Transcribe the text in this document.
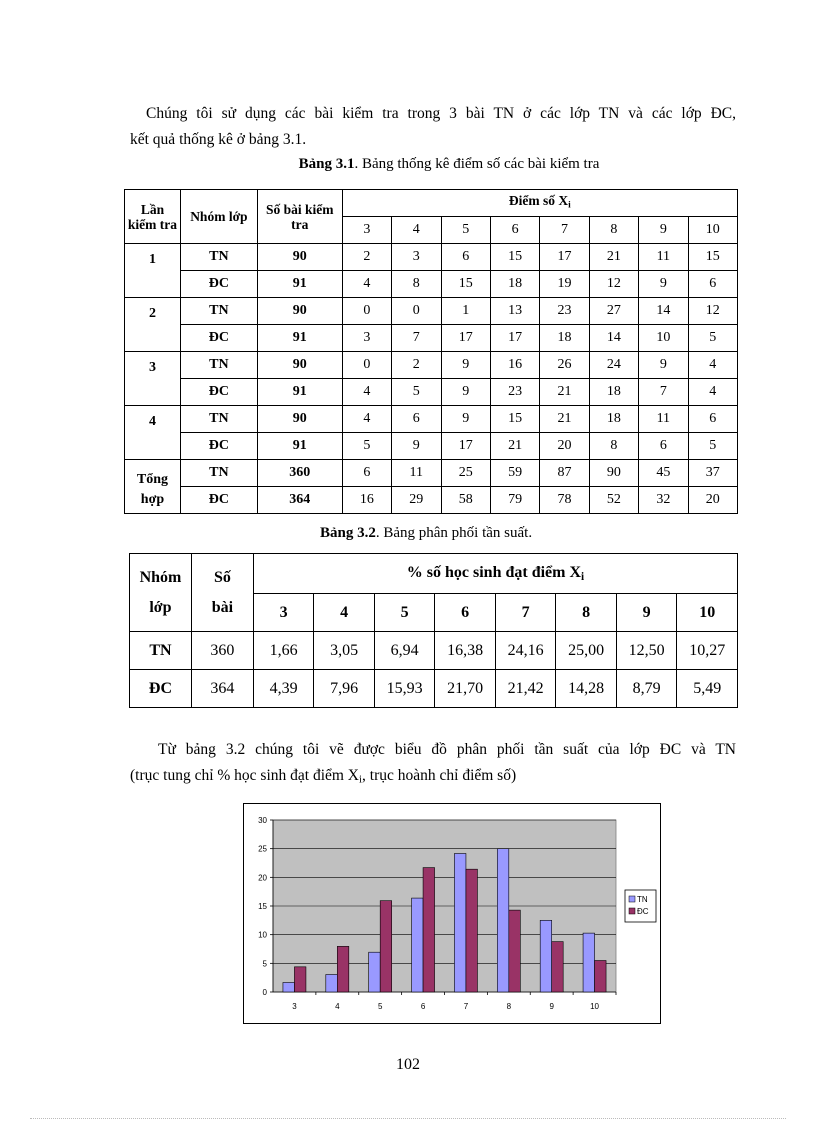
Chúng tôi sử dụng các bài kiểm tra trong 3 bài TN ở các lớp TN và các lớp ĐC,
kết quả thống kê ở bảng 3.1.
Bảng 3.1. Bảng thống kê điểm số các bài kiểm tra
Lần kiểm tra	Nhóm lớp	Số bài kiểm tra	Điểm số $X_i$
			3	4	5	6	7	8	9	10
1	TN	90	2	3	6	15	17	21	11	15
	ĐC	91	4	8	15	18	19	12	9	6
2	TN	90	0	0	1	13	23	27	14	12
	ĐC	91	3	7	17	17	18	14	10	5
3	TN	90	0	2	9	16	26	24	9	4
	ĐC	91	4	5	9	23	21	18	7	4
4	TN	90	4	6	9	15	21	18	11	6
	ĐC	91	5	9	17	21	20	8	6	5
Tổng hợp	TN	360	6	11	25	59	87	90	45	37
	ĐC	364	16	29	58	79	78	52	32	20
Bảng 3.2. Bảng phân phối tần suất.
Nhóm lớp	Số bài	% số học sinh đạt điểm $X_i$
		3	4	5	6	7	8	9	10
TN	360	1,66	3,05	6,94	16,38	24,16	25,00	12,50	10,27
ĐC	364	4,39	7,96	15,93	21,70	21,42	14,28	8,79	5,49
Từ bảng 3.2 chúng tôi vẽ được biểu đồ phân phối tần suất của lớp ĐC và TN
(trục tung chỉ % học sinh đạt điểm $X_i$, trục hoành chỉ điểm số)
0
5
10
15
20
25
30
3	4	5	6	7	8	9	10
TN
ĐC
102
